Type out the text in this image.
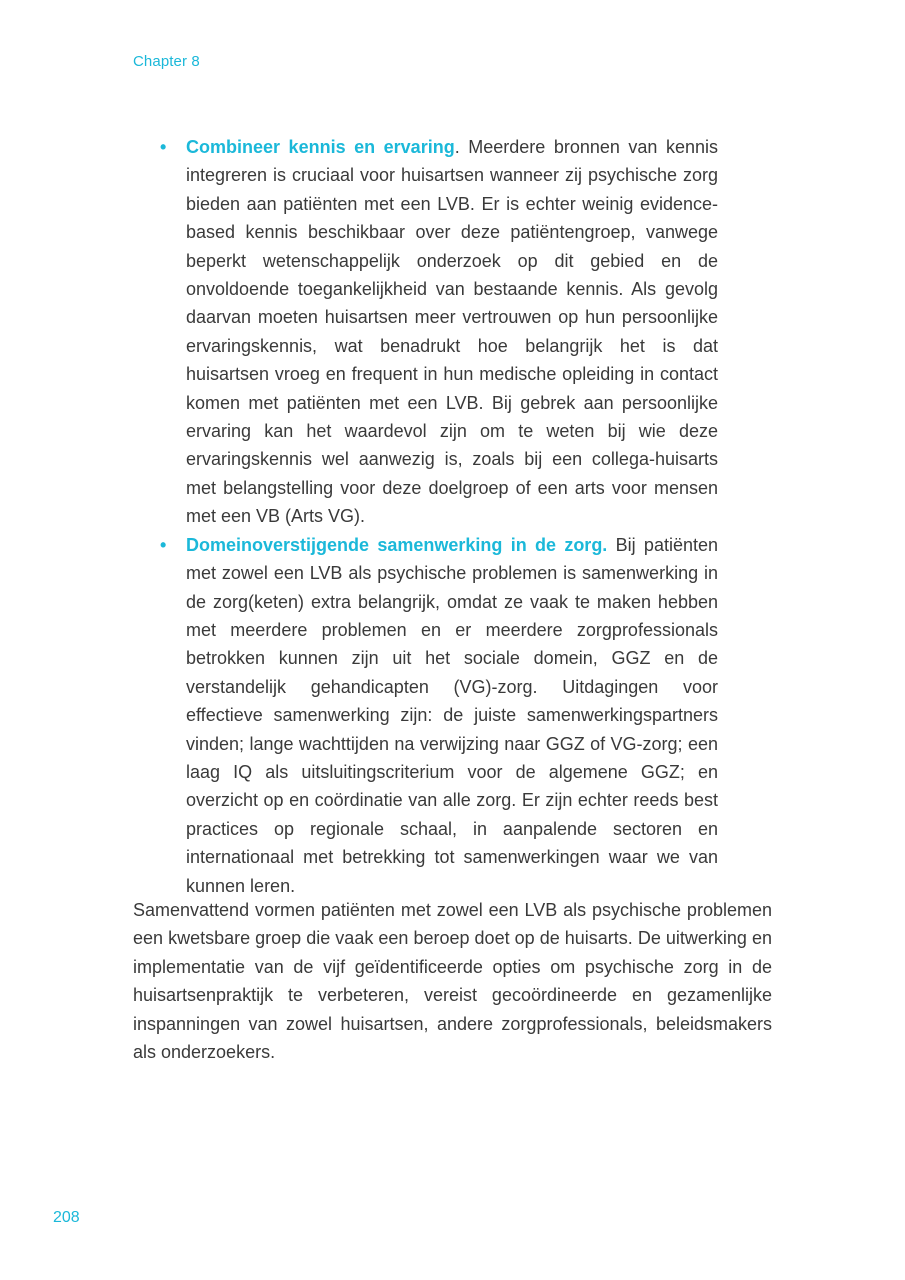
Chapter 8
• Combineer kennis en ervaring. Meerdere bronnen van kennis integreren is cruciaal voor huisartsen wanneer zij psychische zorg bieden aan patiënten met een LVB. Er is echter weinig evidence-based kennis beschikbaar over deze patiëntengroep, vanwege beperkt wetenschappelijk onderzoek op dit gebied en de onvoldoende toegankelijkheid van bestaande kennis. Als gevolg daarvan moeten huisartsen meer vertrouwen op hun persoonlijke ervaringskennis, wat benadrukt hoe belangrijk het is dat huisartsen vroeg en frequent in hun medische opleiding in contact komen met patiënten met een LVB. Bij gebrek aan persoonlijke ervaring kan het waardevol zijn om te weten bij wie deze ervaringskennis wel aanwezig is, zoals bij een collega-huisarts met belangstelling voor deze doelgroep of een arts voor mensen met een VB (Arts VG).
• Domeinoverstijgende samenwerking in de zorg. Bij patiënten met zowel een LVB als psychische problemen is samenwerking in de zorg(keten) extra belangrijk, omdat ze vaak te maken hebben met meerdere problemen en er meerdere zorgprofessionals betrokken kunnen zijn uit het sociale domein, GGZ en de verstandelijk gehandicapten (VG)-zorg. Uitdagingen voor effectieve samenwerking zijn: de juiste samenwerkingspartners vinden; lange wachttijden na verwijzing naar GGZ of VG-zorg; een laag IQ als uitsluitingscriterium voor de algemene GGZ; en overzicht op en coördinatie van alle zorg. Er zijn echter reeds best practices op regionale schaal, in aanpalende sectoren en internationaal met betrekking tot samenwerkingen waar we van kunnen leren.

Samenvattend vormen patiënten met zowel een LVB als psychische problemen een kwetsbare groep die vaak een beroep doet op de huisarts. De uitwerking en implementatie van de vijf geïdentificeerde opties om psychische zorg in de huisartsenpraktijk te verbeteren, vereist gecoördineerde en gezamenlijke inspanningen van zowel huisartsen, andere zorgprofessionals, beleidsmakers als onderzoekers.

208
